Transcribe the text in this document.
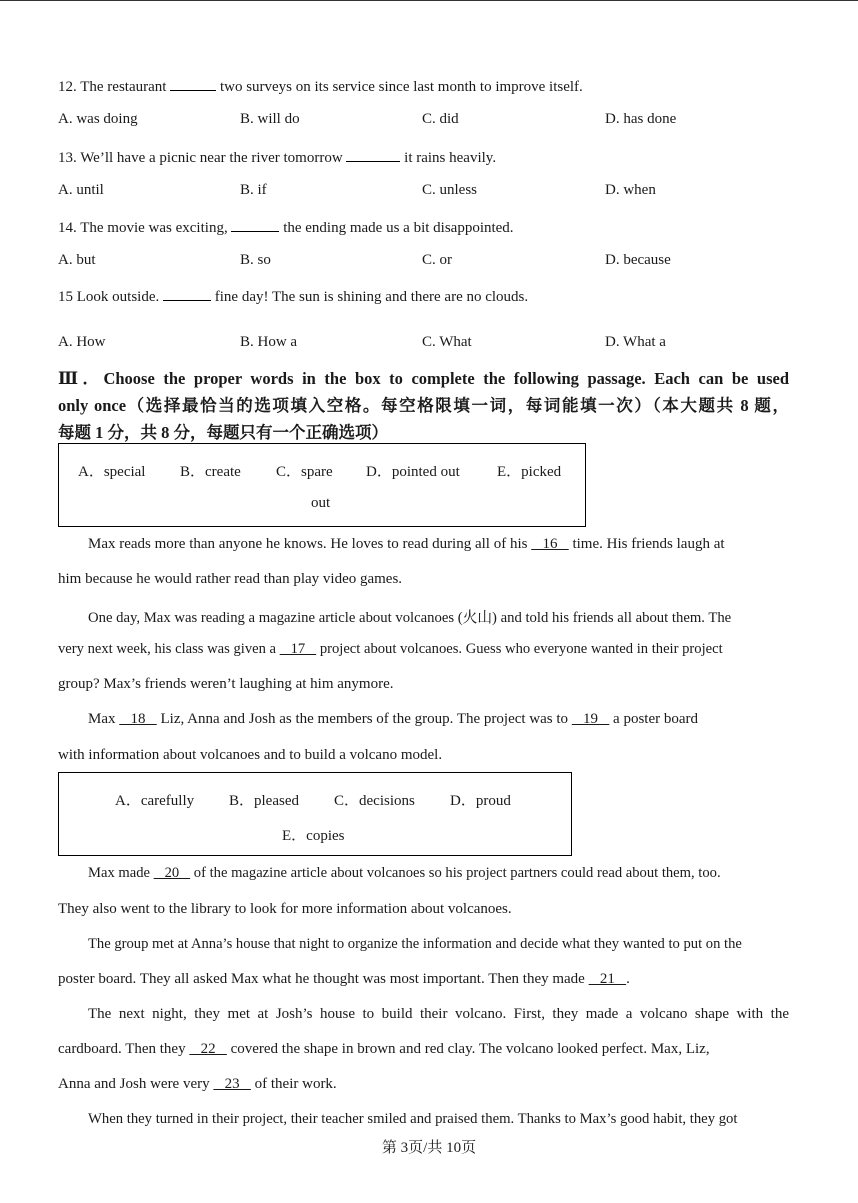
12. The restaurant	two surveys on its service since last month to improve itself.
A. was doing	B. will do	C. did	D. has done
13. We’ll have a picnic near the river tomorrow	it rains heavily.
A. until	B. if	C. unless	D. when
14. The movie was exciting,	the ending made us a bit disappointed.
A. but	B. so	C. or	D. because
15 Look outside.	fine day! The sun is shining and there are no clouds.
A. How	B. How a	C. What	D. What a
Ⅲ．Choose the proper words in the box to complete the following passage. Each can be used
only once（选择最恰当的选项填入空格。每空格限填一词，每词能填一次）（本大题共 8 题，
每题 1 分，共 8 分，每题只有一个正确选项）
A．special B．create C．spare D．pointed out E．picked
out
Max reads more than anyone he knows. He loves to read during all of his    16    time. His friends laugh at
him because he would rather read than play video games.
One day, Max was reading a magazine article about volcanoes (火山) and told his friends all about them. The
very next week, his class was given a    17    project about volcanoes. Guess who everyone wanted in their project
group? Max’s friends weren’t laughing at him anymore.
Max    18    Liz, Anna and Josh as the members of the group. The project was to    19    a poster board
with information about volcanoes and to build a volcano model.
A．carefully B．pleased C．decisions D．proud
E．copies
Max made    20    of the magazine article about volcanoes so his project partners could read about them, too.
They also went to the library to look for more information about volcanoes.
The group met at Anna’s house that night to organize the information and decide what they wanted to put on the
poster board. They all asked Max what he thought was most important. Then they made    21   .
The next night, they met at Josh’s house to build their volcano. First, they made a volcano shape with the
cardboard. Then they    22    covered the shape in brown and red clay. The volcano looked perfect. Max, Liz,
Anna and Josh were very    23    of their work.
When they turned in their project, their teacher smiled and praised them. Thanks to Max’s good habit, they got
第 3页/共 10页
